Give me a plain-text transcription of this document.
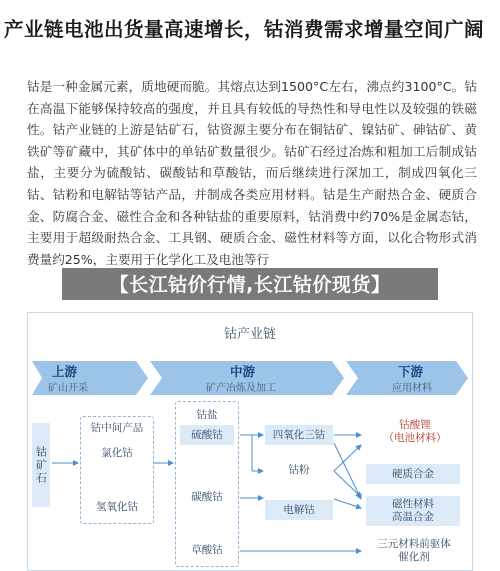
产业链电池出货量高速增长，钴消费需求增量空间广阔

钴是一种金属元素，质地硬而脆。其熔点达到1500°C左右，沸点约3100°C。钴在高温下能够保持较高的强度，并且具有较低的导热性和导电性以及较强的铁磁性。钴产业链的上游是钴矿石，钴资源主要分布在铜钴矿、镍钴矿、砷钴矿、黄铁矿等矿藏中，其矿体中的单钴矿数量很少。钴矿石经过冶炼和粗加工后制成钴盐，主要分为硫酸钴、碳酸钴和草酸钴，而后继续进行深加工，制成四氧化三钴、钴粉和电解钴等钴产品，并制成各类应用材料。钴是生产耐热合金、硬质合金、防腐合金、磁性合金和各种钴盐的重要原料，钴消费中约70%是金属态钴，主要用于超级耐热合金、工具钢、硬质合金、磁性材料等方面，以化合物形式消费量约25%，主要用于化学化工及电池等行

钴产业链
上游
矿山开采
中游
矿产冶炼及加工
下游
应用材料
钴矿石
钴中间产品
氯化钴
氢氧化钴
钴盐
硫酸钴
碳酸钴
草酸钴
四氧化三钴
钴粉
电解钴
钴酸锂
（电池材料）
硬质合金
磁性材料
高温合金
三元材料前驱体
催化剂
【长江钴价行情,长江钴价现货】
